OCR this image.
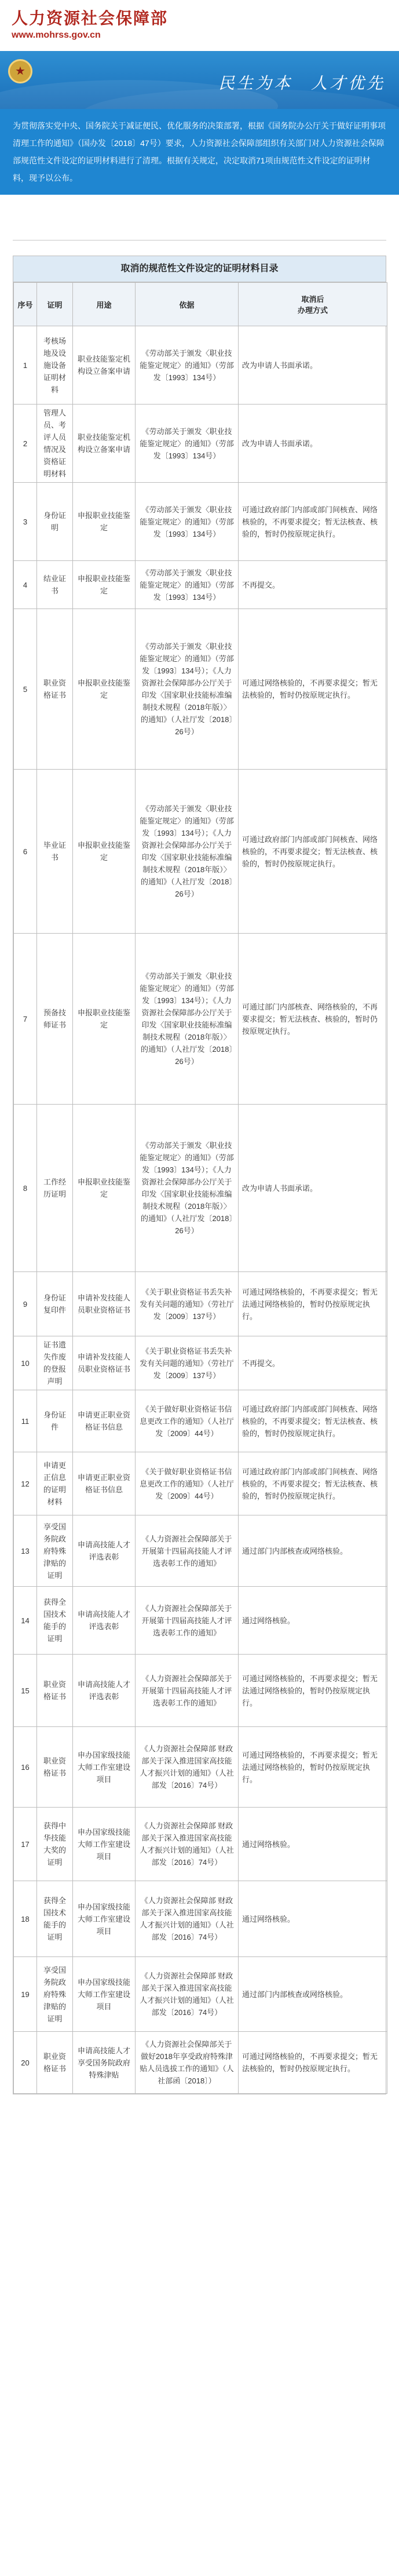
人力资源社会保障部
www.mohrss.gov.cn
★
民生为本　人才优先
为贯彻落实党中央、国务院关于减证便民、优化服务的决策部署，根据《国务院办公厅关于做好证明事项清理工作的通知》（国办发〔2018〕47号）要求，人力资源社会保障部组织有关部门对人力资源社会保障部规范性文件设定的证明材料进行了清理。根据有关规定，决定取消71项由规范性文件设定的证明材料，现予以公布。
取消的规范性文件设定的证明材料目录
序号	证明	用途	依据	取消后
办理方式
1	考核场地及设施设备证明材料	职业技能鉴定机构设立备案申请	《劳动部关于颁发〈职业技能鉴定规定〉的通知》（劳部发〔1993〕134号）	改为申请人书面承诺。
2	管理人员、考评人员情况及资格证明材料	职业技能鉴定机构设立备案申请	《劳动部关于颁发〈职业技能鉴定规定〉的通知》（劳部发〔1993〕134号）	改为申请人书面承诺。
3	身份证明	申报职业技能鉴定	《劳动部关于颁发〈职业技能鉴定规定〉的通知》（劳部发〔1993〕134号）	可通过政府部门内部或部门间核查、网络核验的，不再要求提交；暂无法核查、核验的，暂时仍按原规定执行。
4	结业证书	申报职业技能鉴定	《劳动部关于颁发〈职业技能鉴定规定〉的通知》（劳部发〔1993〕134号）	不再提交。
5	职业资格证书	申报职业技能鉴定	《劳动部关于颁发〈职业技能鉴定规定〉的通知》（劳部发〔1993〕134号）；《人力资源社会保障部办公厅关于印发〈国家职业技能标准编制技术规程（2018年版）〉的通知》（人社厅发〔2018〕26号）	可通过网络核验的，不再要求提交；暂无法核验的，暂时仍按原规定执行。
6	毕业证书	申报职业技能鉴定	《劳动部关于颁发〈职业技能鉴定规定〉的通知》（劳部发〔1993〕134号）；《人力资源社会保障部办公厅关于印发〈国家职业技能标准编制技术规程（2018年版）〉的通知》（人社厅发〔2018〕26号）	可通过政府部门内部或部门间核查、网络核验的，不再要求提交；暂无法核查、核验的，暂时仍按原规定执行。
7	预备技师证书	申报职业技能鉴定	《劳动部关于颁发〈职业技能鉴定规定〉的通知》（劳部发〔1993〕134号）；《人力资源社会保障部办公厅关于印发〈国家职业技能标准编制技术规程（2018年版）〉的通知》（人社厅发〔2018〕26号）	可通过部门内部核查、网络核验的，不再要求提交；暂无法核查、核验的，暂时仍按原规定执行。
8	工作经历证明	申报职业技能鉴定	《劳动部关于颁发〈职业技能鉴定规定〉的通知》（劳部发〔1993〕134号）；《人力资源社会保障部办公厅关于印发〈国家职业技能标准编制技术规程（2018年版）〉的通知》（人社厅发〔2018〕26号）	改为申请人书面承诺。
9	身份证复印件	申请补发技能人员职业资格证书	《关于职业资格证书丢失补发有关问题的通知》（劳社厅发〔2009〕137号）	可通过网络核验的，不再要求提交；暂无法通过网络核验的，暂时仍按原规定执行。
10	证书遗失作废的登报声明	申请补发技能人员职业资格证书	《关于职业资格证书丢失补发有关问题的通知》（劳社厅发〔2009〕137号）	不再提交。
11	身份证件	申请更正职业资格证书信息	《关于做好职业资格证书信息更改工作的通知》（人社厅发〔2009〕44号）	可通过政府部门内部或部门间核查、网络核验的，不再要求提交；暂无法核查、核验的，暂时仍按原规定执行。
12	申请更正信息的证明材料	申请更正职业资格证书信息	《关于做好职业资格证书信息更改工作的通知》（人社厅发〔2009〕44号）	可通过政府部门内部或部门间核查、网络核验的，不再要求提交；暂无法核查、核验的，暂时仍按原规定执行。
13	享受国务院政府特殊津贴的证明	申请高技能人才评选表彰	《人力资源社会保障部关于开展第十四届高技能人才评选表彰工作的通知》	通过部门内部核查或网络核验。
14	获得全国技术能手的证明	申请高技能人才评选表彰	《人力资源社会保障部关于开展第十四届高技能人才评选表彰工作的通知》	通过网络核验。
15	职业资格证书	申请高技能人才评选表彰	《人力资源社会保障部关于开展第十四届高技能人才评选表彰工作的通知》	可通过网络核验的，不再要求提交；暂无法通过网络核验的，暂时仍按原规定执行。
16	职业资格证书	申办国家级技能大师工作室建设项目	《人力资源社会保障部 财政部关于深入推进国家高技能人才振兴计划的通知》（人社部发〔2016〕74号）	可通过网络核验的，不再要求提交；暂无法通过网络核验的，暂时仍按原规定执行。
17	获得中华技能大奖的证明	申办国家级技能大师工作室建设项目	《人力资源社会保障部 财政部关于深入推进国家高技能人才振兴计划的通知》（人社部发〔2016〕74号）	通过网络核验。
18	获得全国技术能手的证明	申办国家级技能大师工作室建设项目	《人力资源社会保障部 财政部关于深入推进国家高技能人才振兴计划的通知》（人社部发〔2016〕74号）	通过网络核验。
19	享受国务院政府特殊津贴的证明	申办国家级技能大师工作室建设项目	《人力资源社会保障部 财政部关于深入推进国家高技能人才振兴计划的通知》（人社部发〔2016〕74号）	通过部门内部核查或网络核验。
20	职业资格证书	申请高技能人才享受国务院政府特殊津贴	《人力资源社会保障部关于做好2018年享受政府特殊津贴人员选拔工作的通知》（人社部函〔2018〕）	可通过网络核验的，不再要求提交；暂无法核验的，暂时仍按原规定执行。
